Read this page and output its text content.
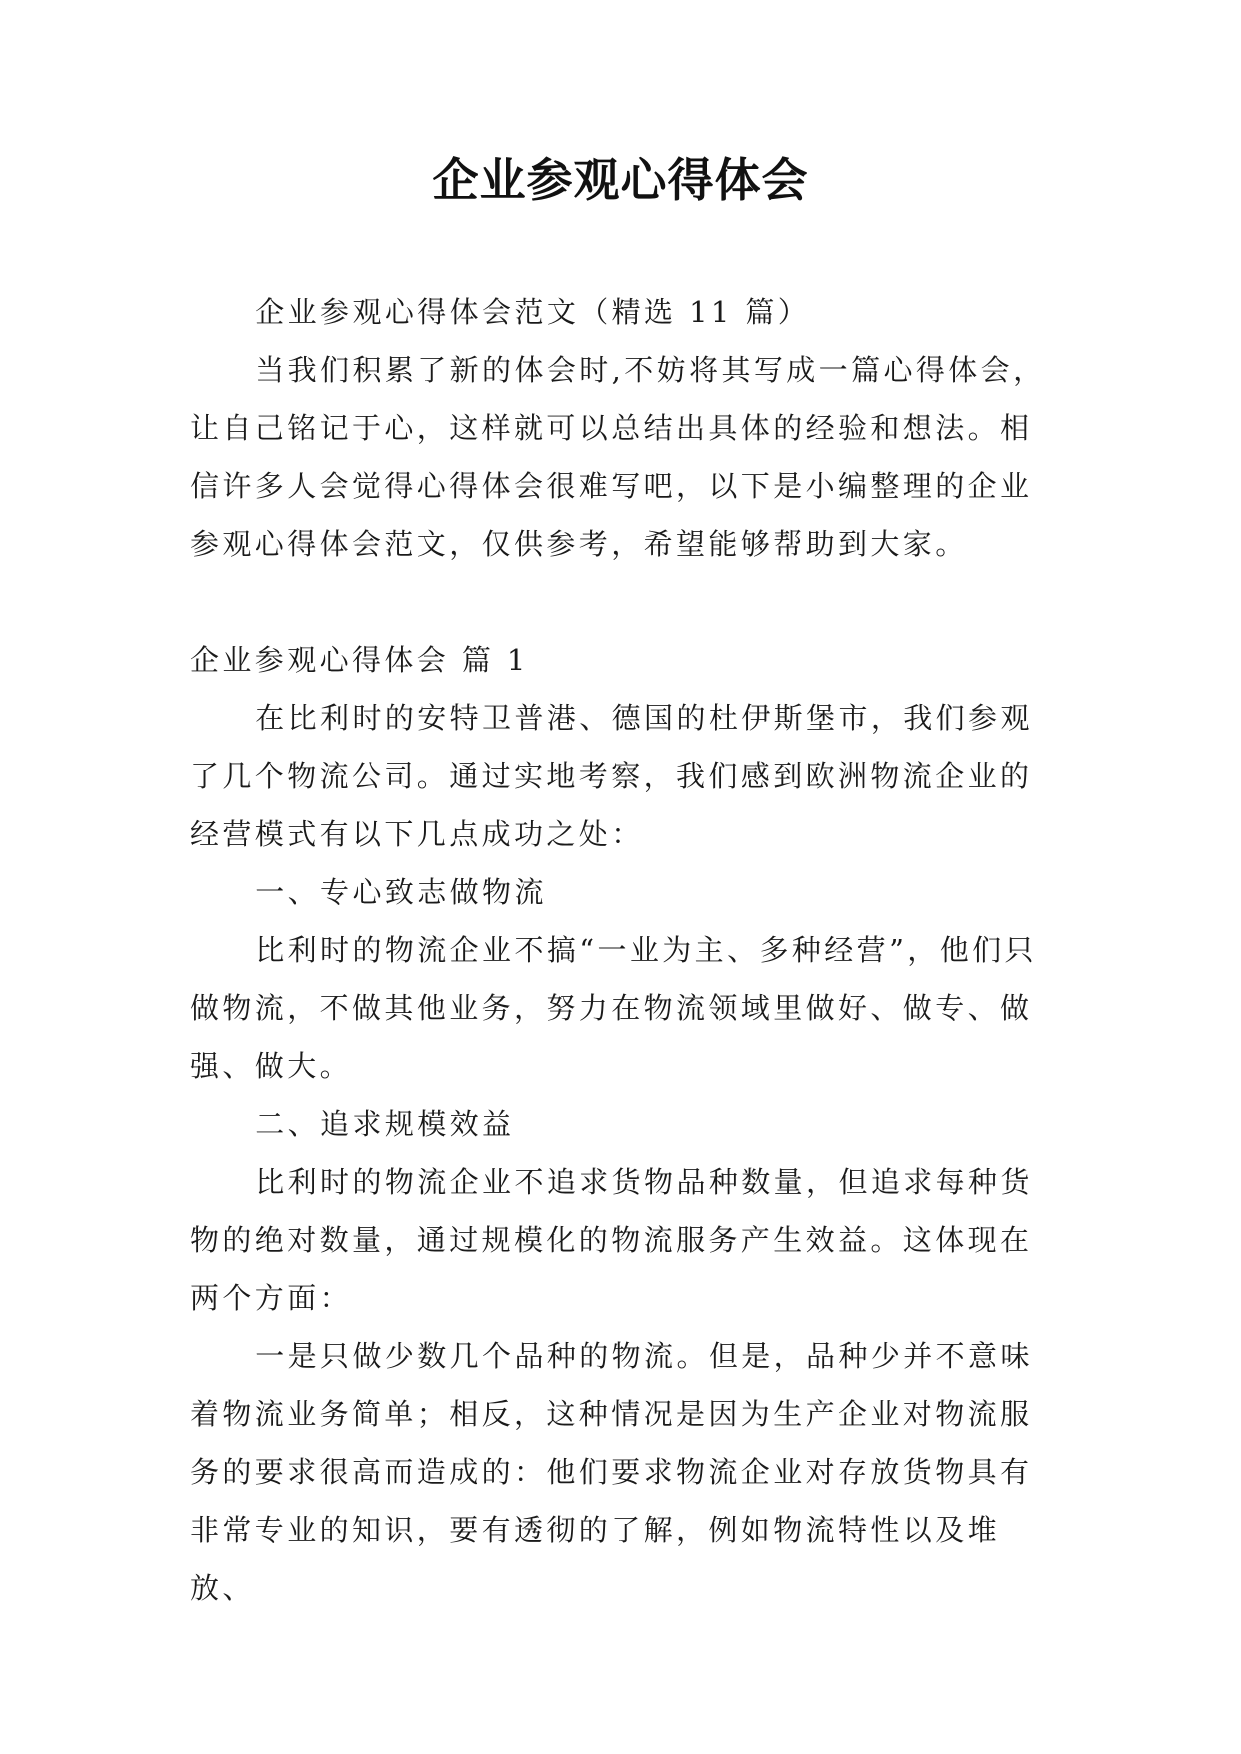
企业参观心得体会

企业参观心得体会范文（精选 11 篇）

当我们积累了新的体会时,不妨将其写成一篇心得体会，让自己铭记于心，这样就可以总结出具体的经验和想法。相信许多人会觉得心得体会很难写吧，以下是小编整理的企业参观心得体会范文，仅供参考，希望能够帮助到大家。

企业参观心得体会 篇 1

在比利时的安特卫普港、德国的杜伊斯堡市，我们参观了几个物流公司。通过实地考察，我们感到欧洲物流企业的经营模式有以下几点成功之处：

一、专心致志做物流

比利时的物流企业不搞“一业为主、多种经营”，他们只做物流，不做其他业务，努力在物流领域里做好、做专、做强、做大。

二、追求规模效益

比利时的物流企业不追求货物品种数量，但追求每种货物的绝对数量，通过规模化的物流服务产生效益。这体现在两个方面：

一是只做少数几个品种的物流。但是，品种少并不意味着物流业务简单；相反，这种情况是因为生产企业对物流服务的要求很高而造成的：他们要求物流企业对存放货物具有非常专业的知识，要有透彻的了解，例如物流特性以及堆放、
